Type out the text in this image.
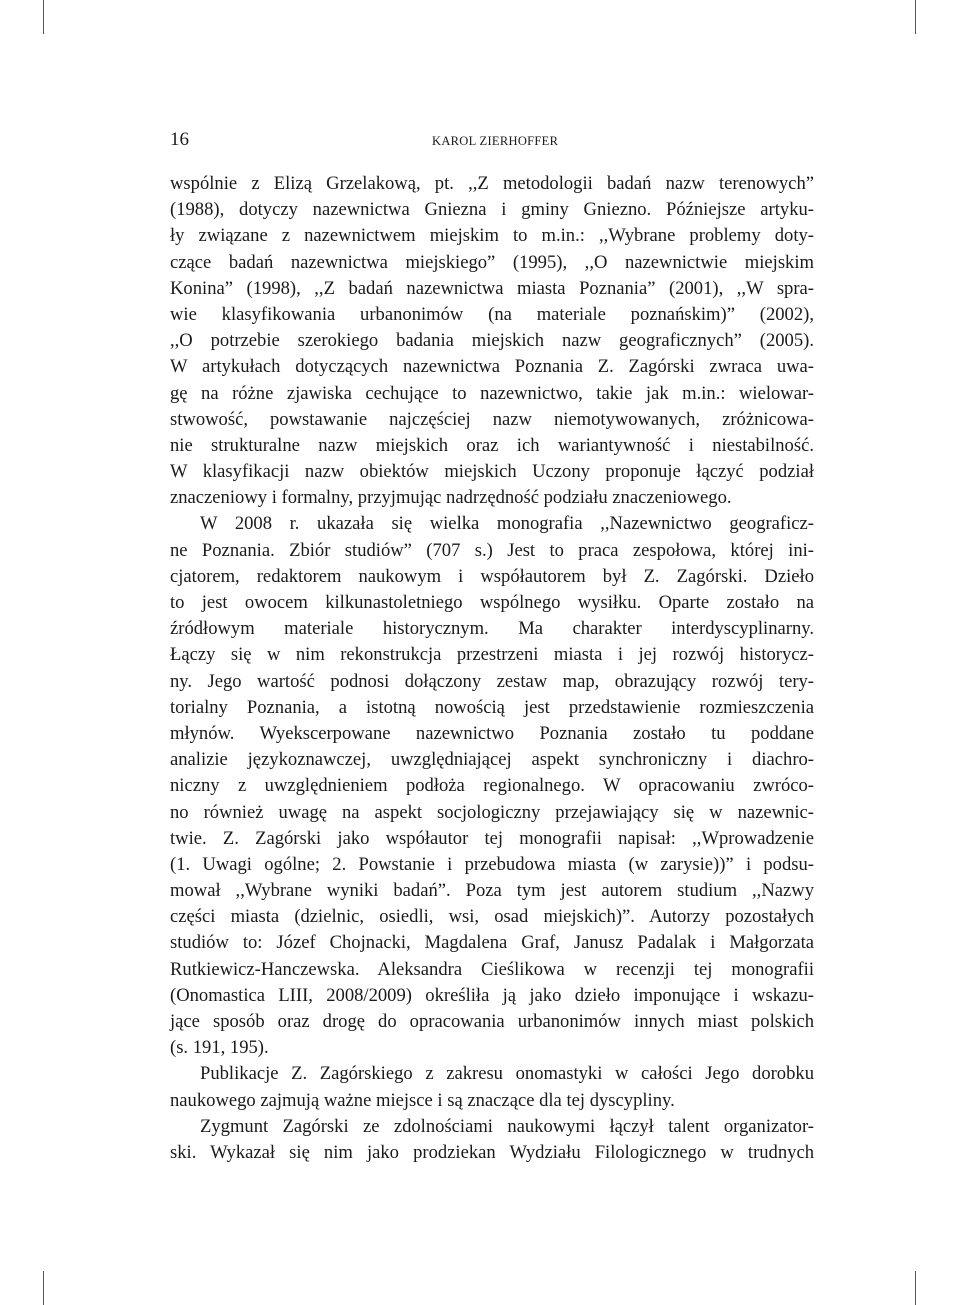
16	KAROL ZIERHOFFER
wspólnie z Elizą Grzelakową, pt. ,,Z metodologii badań nazw terenowych”
(1988), dotyczy nazewnictwa Gniezna i gminy Gniezno. Późniejsze artyku-
ły związane z nazewnictwem miejskim to m.in.: ,,Wybrane problemy doty-
czące badań nazewnictwa miejskiego” (1995), ,,O nazewnictwie miejskim
Konina” (1998), ,,Z badań nazewnictwa miasta Poznania” (2001), ,,W spra-
wie klasyfikowania urbanonimów (na materiale poznańskim)” (2002),
,,O potrzebie szerokiego badania miejskich nazw geograficznych” (2005).
W artykułach dotyczących nazewnictwa Poznania Z. Zagórski zwraca uwa-
gę na różne zjawiska cechujące to nazewnictwo, takie jak m.in.: wielowar-
stwowość, powstawanie najczęściej nazw niemotywowanych, zróżnicowa-
nie strukturalne nazw miejskich oraz ich wariantywność i niestabilność.
W klasyfikacji nazw obiektów miejskich Uczony proponuje łączyć podział
znaczeniowy i formalny, przyjmując nadrzędność podziału znaczeniowego.
W 2008 r. ukazała się wielka monografia ,,Nazewnictwo geograficz-
ne Poznania. Zbiór studiów” (707 s.) Jest to praca zespołowa, której ini-
cjatorem, redaktorem naukowym i współautorem był Z. Zagórski. Dzieło
to jest owocem kilkunastoletniego wspólnego wysiłku. Oparte zostało na
źródłowym materiale historycznym. Ma charakter interdyscyplinarny.
Łączy się w nim rekonstrukcja przestrzeni miasta i jej rozwój historycz-
ny. Jego wartość podnosi dołączony zestaw map, obrazujący rozwój tery-
torialny Poznania, a istotną nowością jest przedstawienie rozmieszczenia
młynów. Wyekscerpowane nazewnictwo Poznania zostało tu poddane
analizie językoznawczej, uwzględniającej aspekt synchroniczny i diachro-
niczny z uwzględnieniem podłoża regionalnego. W opracowaniu zwróco-
no również uwagę na aspekt socjologiczny przejawiający się w nazewnic-
twie. Z. Zagórski jako współautor tej monografii napisał: ,,Wprowadzenie
(1. Uwagi ogólne; 2. Powstanie i przebudowa miasta (w zarysie))” i podsu-
mował ,,Wybrane wyniki badań”. Poza tym jest autorem studium ,,Nazwy
części miasta (dzielnic, osiedli, wsi, osad miejskich)”. Autorzy pozostałych
studiów to: Józef Chojnacki, Magdalena Graf, Janusz Padalak i Małgorzata
Rutkiewicz-Hanczewska. Aleksandra Cieślikowa w recenzji tej monografii
(Onomastica LIII, 2008/2009) określiła ją jako dzieło imponujące i wskazu-
jące sposób oraz drogę do opracowania urbanonimów innych miast polskich
(s. 191, 195).
Publikacje Z. Zagórskiego z zakresu onomastyki w całości Jego dorobku
naukowego zajmują ważne miejsce i są znaczące dla tej dyscypliny.
Zygmunt Zagórski ze zdolnościami naukowymi łączył talent organizator-
ski. Wykazał się nim jako prodziekan Wydziału Filologicznego w trudnych
